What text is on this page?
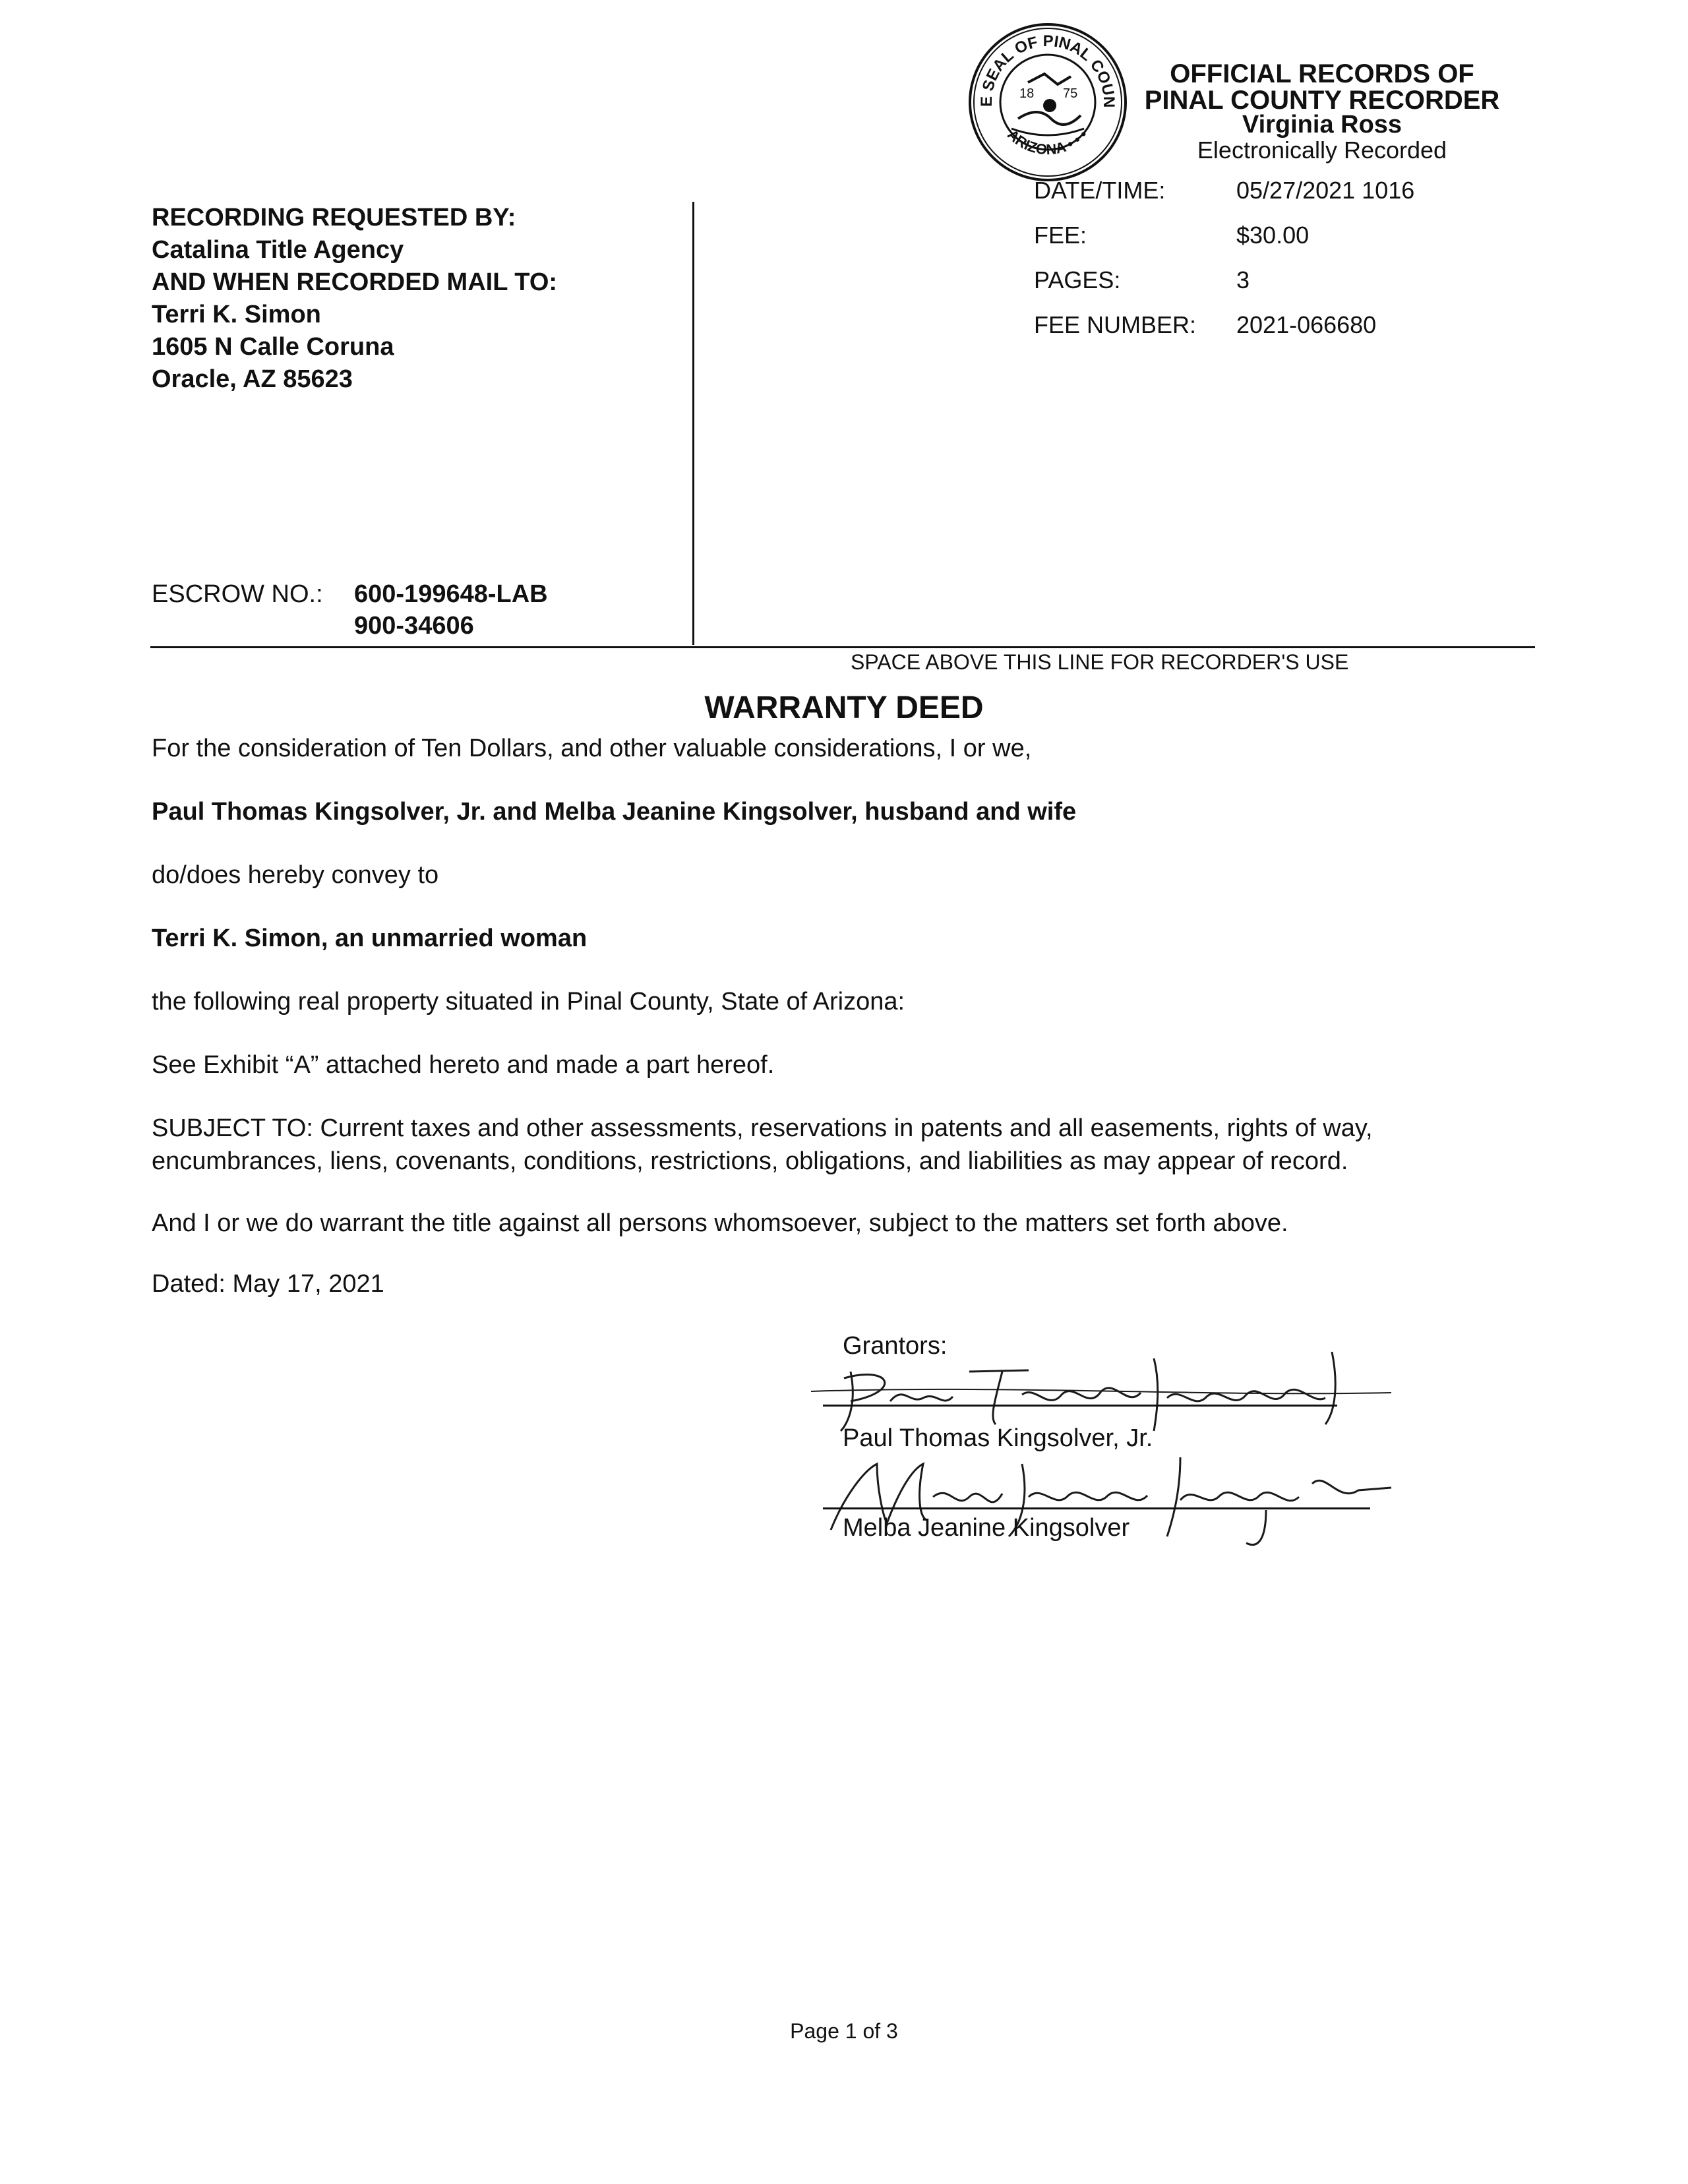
E SEAL OF PINAL COUN
ARIZONA • • •
18 75
OFFICIAL RECORDS OF
PINAL COUNTY RECORDER
Virginia Ross
Electronically Recorded
DATE/TIME:	05/27/2021 1016
FEE:	$30.00
PAGES:	3
FEE NUMBER: 2021-066680
RECORDING REQUESTED BY:
Catalina Title Agency
AND WHEN RECORDED MAIL TO:
Terri K. Simon
1605 N Calle Coruna
Oracle, AZ 85623
ESCROW NO.: 600-199648-LAB
900-34606
SPACE ABOVE THIS LINE FOR RECORDER'S USE
WARRANTY DEED
For the consideration of Ten Dollars, and other valuable considerations, I or we,
Paul Thomas Kingsolver, Jr. and Melba Jeanine Kingsolver, husband and wife
do/does hereby convey to
Terri K. Simon, an unmarried woman
the following real property situated in Pinal County, State of Arizona:
See Exhibit “A” attached hereto and made a part hereof.
SUBJECT TO: Current taxes and other assessments, reservations in patents and all easements, rights of way,
encumbrances, liens, covenants, conditions, restrictions, obligations, and liabilities as may appear of record.
And I or we do warrant the title against all persons whomsoever, subject to the matters set forth above.
Dated: May 17, 2021
Grantors:
Paul Thomas Kingsolver, Jr.
Melba Jeanine Kingsolver
Page 1 of 3
